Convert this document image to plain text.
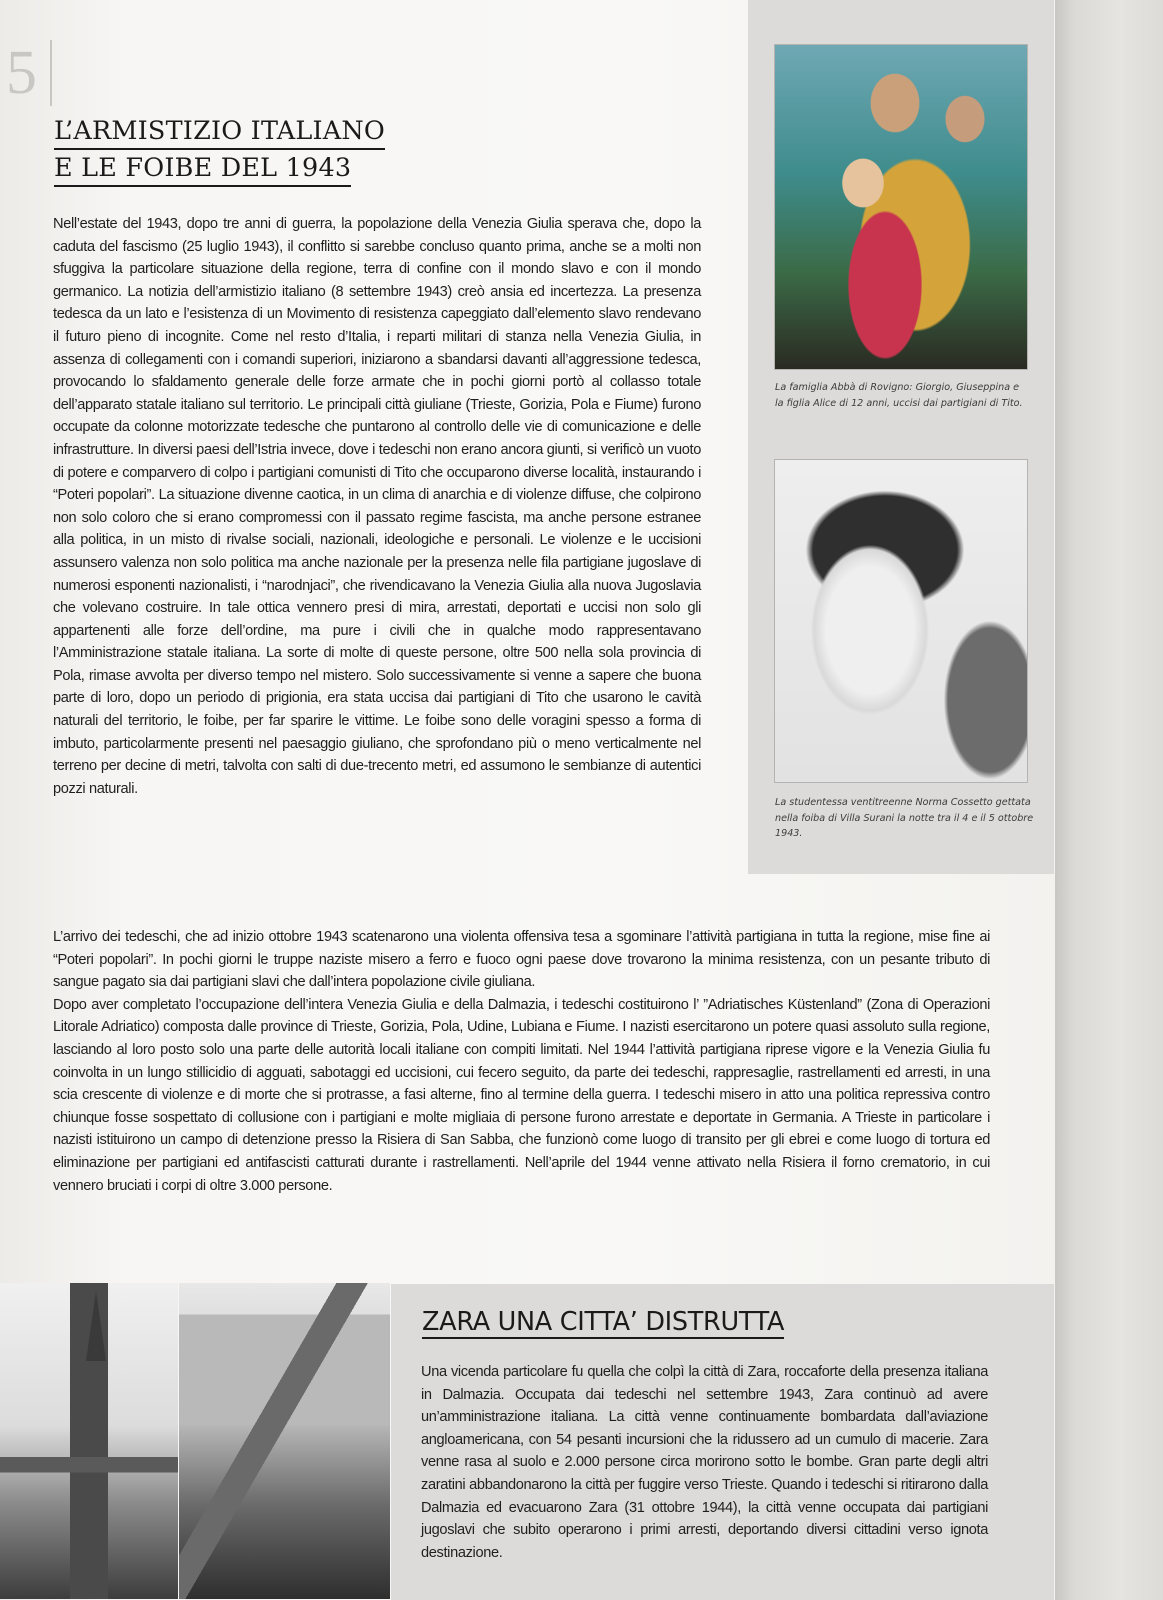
5
L’ARMISTIZIO ITALIANO
E LE FOIBE DEL 1943

Nell’estate del 1943, dopo tre anni di guerra, la popolazione della Venezia Giulia sperava che, dopo la caduta del fascismo (25 luglio 1943), il conflitto si sarebbe concluso quanto prima, anche se a molti non sfuggiva la particolare situazione della regione, terra di confine con il mondo slavo e con il mondo germanico. La notizia dell’armistizio italiano (8 settembre 1943) creò ansia ed incertezza. La presenza tedesca da un lato e l’esistenza di un Movimento di resistenza capeggiato dall’elemento slavo rendevano il futuro pieno di incognite. Come nel resto d’Italia, i reparti militari di stanza nella Venezia Giulia, in assenza di collegamenti con i comandi superiori, iniziarono a sbandarsi davanti all’aggressione tedesca, provocando lo sfaldamento generale delle forze armate che in pochi giorni portò al collasso totale dell’apparato statale italiano sul territorio. Le principali città giuliane (Trieste, Gorizia, Pola e Fiume) furono occupate da colonne motorizzate tedesche che puntarono al controllo delle vie di comunicazione e delle infrastrutture. In diversi paesi dell’Istria invece, dove i tedeschi non erano ancora giunti, si verificò un vuoto di potere e comparvero di colpo i partigiani comunisti di Tito che occuparono diverse località, instaurando i “Poteri popolari”. La situazione divenne caotica, in un clima di anarchia e di violenze diffuse, che colpirono non solo coloro che si erano compromessi con il passato regime fascista, ma anche persone estranee alla politica, in un misto di rivalse sociali, nazionali, ideologiche e personali. Le violenze e le uccisioni assunsero valenza non solo politica ma anche nazionale per la presenza nelle fila partigiane jugoslave di numerosi esponenti nazionalisti, i “narodnjaci”, che rivendicavano la Venezia Giulia alla nuova Jugoslavia che volevano costruire. In tale ottica vennero presi di mira, arrestati, deportati e uccisi non solo gli appartenenti alle forze dell’ordine, ma pure i civili che in qualche modo rappresentavano l’Amministrazione statale italiana. La sorte di molte di queste persone, oltre 500 nella sola provincia di Pola, rimase avvolta per diverso tempo nel mistero. Solo successivamente si venne a sapere che buona parte di loro, dopo un periodo di prigionia, era stata uccisa dai partigiani di Tito che usarono le cavità naturali del territorio, le foibe, per far sparire le vittime. Le foibe sono delle voragini spesso a forma di imbuto, particolarmente presenti nel paesaggio giuliano, che sprofondano più o meno verticalmente nel terreno per decine di metri, talvolta con salti di due-trecento metri, ed assumono le sembianze di autentici pozzi naturali.

La famiglia Abbà di Rovigno: Giorgio, Giuseppina e la figlia Alice di 12 anni, uccisi dai partigiani di Tito.

La studentessa ventitreenne Norma Cossetto gettata nella foiba di Villa Surani la notte tra il 4 e il 5 ottobre 1943.

L’arrivo dei tedeschi, che ad inizio ottobre 1943 scatenarono una violenta offensiva tesa a sgominare l’attività partigiana in tutta la regione, mise fine ai “Poteri popolari”. In pochi giorni le truppe naziste misero a ferro e fuoco ogni paese dove trovarono la minima resistenza, con un pesante tributo di sangue pagato sia dai partigiani slavi che dall’intera popolazione civile giuliana.
Dopo aver completato l’occupazione dell’intera Venezia Giulia e della Dalmazia, i tedeschi costituirono l’ ”Adriatisches Küstenland” (Zona di Operazioni Litorale Adriatico) composta dalle province di Trieste, Gorizia, Pola, Udine, Lubiana e Fiume. I nazisti esercitarono un potere quasi assoluto sulla regione, lasciando al loro posto solo una parte delle autorità locali italiane con compiti limitati. Nel 1944 l’attività partigiana riprese vigore e la Venezia Giulia fu coinvolta in un lungo stillicidio di agguati, sabotaggi ed uccisioni, cui fecero seguito, da parte dei tedeschi, rappresaglie, rastrellamenti ed arresti, in una scia crescente di violenze e di morte che si protrasse, a fasi alterne, fino al termine della guerra. I tedeschi misero in atto una politica repressiva contro chiunque fosse sospettato di collusione con i partigiani e molte migliaia di persone furono arrestate e deportate in Germania. A Trieste in particolare i nazisti istituirono un campo di detenzione presso la Risiera di San Sabba, che funzionò come luogo di transito per gli ebrei e come luogo di tortura ed eliminazione per partigiani ed antifascisti catturati durante i rastrellamenti. Nell’aprile del 1944 venne attivato nella Risiera il forno crematorio, in cui vennero bruciati i corpi di oltre 3.000 persone.
ZARA UNA CITTA’ DISTRUTTA

Una vicenda particolare fu quella che colpì la città di Zara, roccaforte della presenza italiana in Dalmazia. Occupata dai tedeschi nel settembre 1943, Zara continuò ad avere un’amministrazione italiana. La città venne continuamente bombardata dall’aviazione angloamericana, con 54 pesanti incursioni che la ridussero ad un cumulo di macerie. Zara venne rasa al suolo e 2.000 persone circa morirono sotto le bombe. Gran parte degli altri zaratini abbandonarono la città per fuggire verso Trieste. Quando i tedeschi si ritirarono dalla Dalmazia ed evacuarono Zara (31 ottobre 1944), la città venne occupata dai partigiani jugoslavi che subito operarono i primi arresti, deportando diversi cittadini verso ignota destinazione.
